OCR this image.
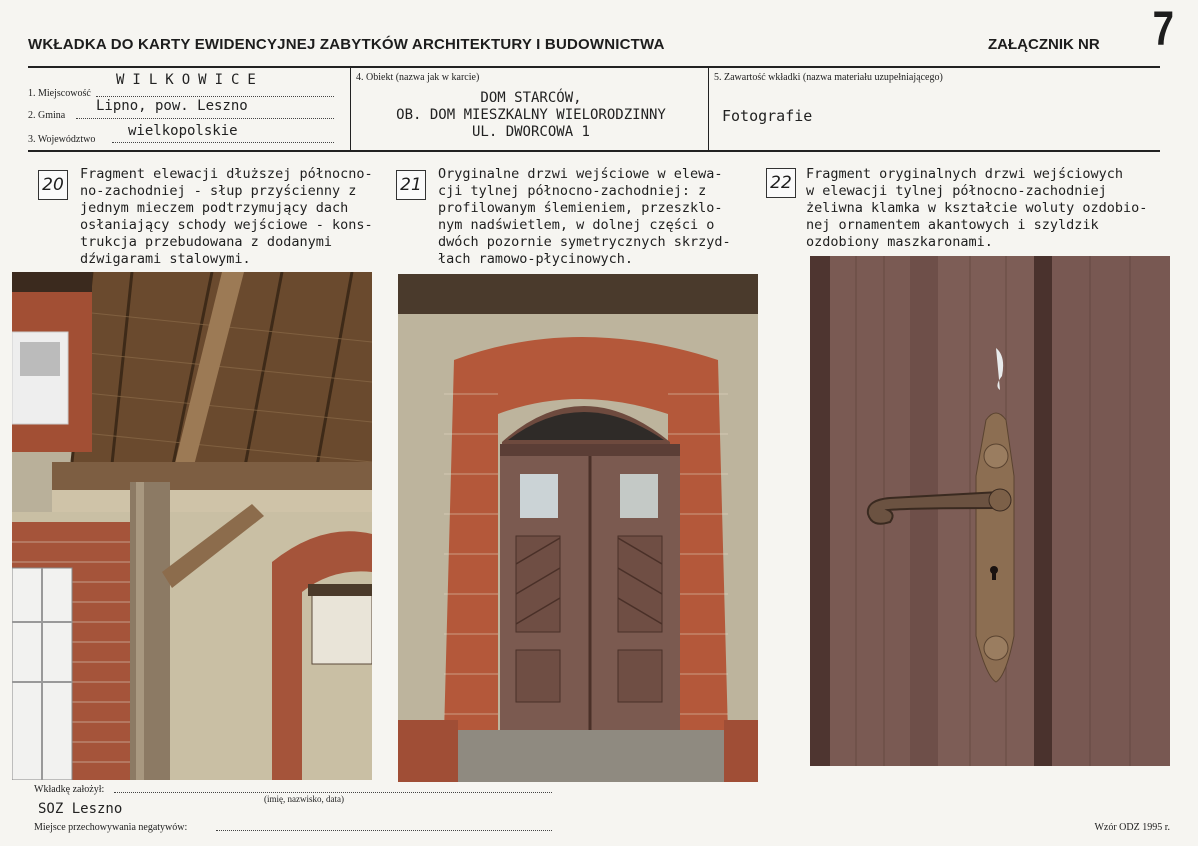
WKŁADKA DO KARTY EWIDENCYJNEJ ZABYTKÓW ARCHITEKTURY I BUDOWNICTWA	ZAŁĄCZNIK NR 7
1. Miejscowość
WILKOWICE
2. Gmina
Lipno, pow. Leszno
3. Województwo
wielkopolskie
4. Obiekt (nazwa jak w karcie)
DOM STARCÓW,
OB. DOM MIESZKALNY WIELORODZINNY
UL. DWORCOWA 1
5. Zawartość wkładki (nazwa materiału uzupełniającego)
Fotografie
20	21	22
Fragment elewacji dłuższej północno-
no-zachodniej - słup przyścienny z
jednym mieczem podtrzymujący dach
osłaniający schody wejściowe - kons-
trukcja przebudowana z dodanymi
dźwigarami stalowymi.
Oryginalne drzwi wejściowe w elewa-
cji tylnej północno-zachodniej: z
profilowanym ślemieniem, przeszklo-
nym nadświetlem, w dolnej części o
dwóch pozornie symetrycznych skrzyd-
łach ramowo-płycinowych.
Fragment oryginalnych drzwi wejściowych
w elewacji tylnej północno-zachodniej
żeliwna klamka w kształcie woluty ozdobio-
nej ornamentem akantowych i szyldzik
ozdobiony maszkaronami.
Wkładkę założył:
(imię, nazwisko, data)
SOZ Leszno
Miejsce przechowywania negatywów:	Wzór ODZ 1995 r.
